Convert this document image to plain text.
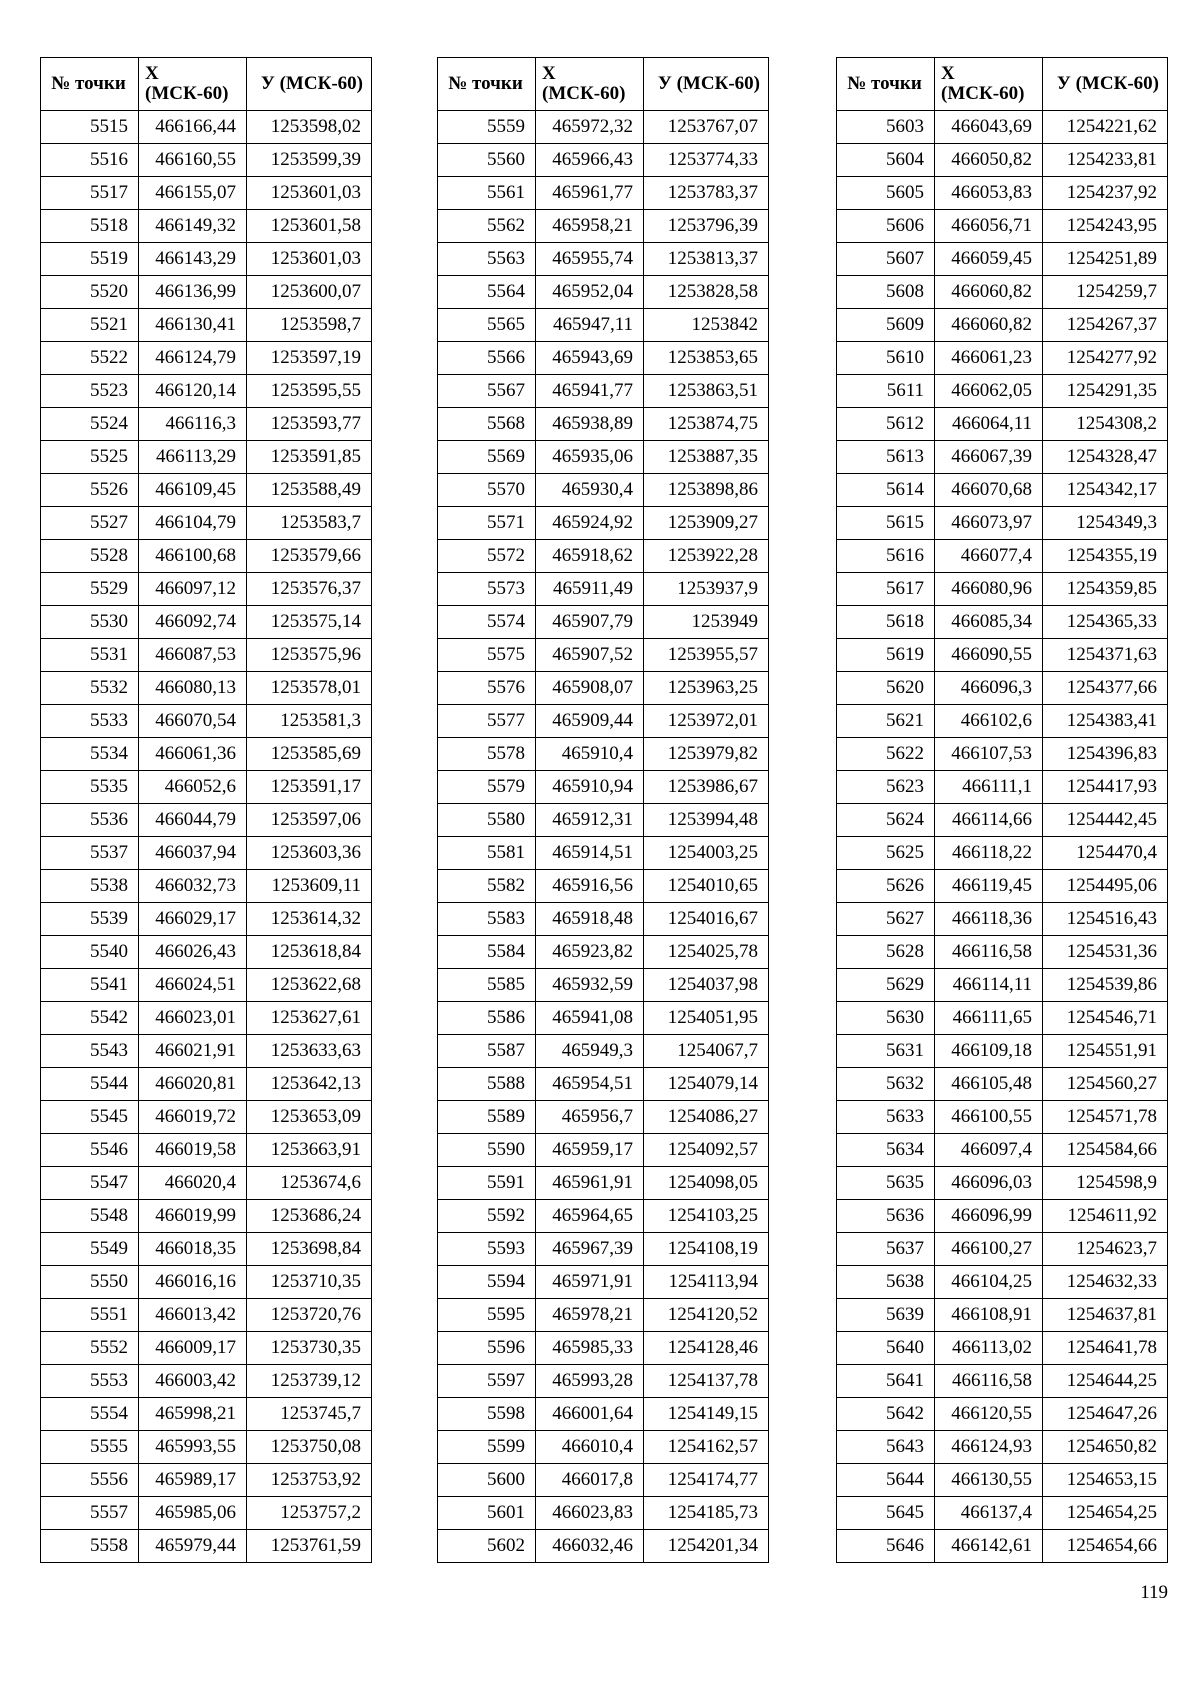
№ точки	Х (МСК-60)	У (МСК-60)
5515	466166,44	1253598,02
5516	466160,55	1253599,39
5517	466155,07	1253601,03
5518	466149,32	1253601,58
5519	466143,29	1253601,03
5520	466136,99	1253600,07
5521	466130,41	1253598,7
5522	466124,79	1253597,19
5523	466120,14	1253595,55
5524	466116,3	1253593,77
5525	466113,29	1253591,85
5526	466109,45	1253588,49
5527	466104,79	1253583,7
5528	466100,68	1253579,66
5529	466097,12	1253576,37
5530	466092,74	1253575,14
5531	466087,53	1253575,96
5532	466080,13	1253578,01
5533	466070,54	1253581,3
5534	466061,36	1253585,69
5535	466052,6	1253591,17
5536	466044,79	1253597,06
5537	466037,94	1253603,36
5538	466032,73	1253609,11
5539	466029,17	1253614,32
5540	466026,43	1253618,84
5541	466024,51	1253622,68
5542	466023,01	1253627,61
5543	466021,91	1253633,63
5544	466020,81	1253642,13
5545	466019,72	1253653,09
5546	466019,58	1253663,91
5547	466020,4	1253674,6
5548	466019,99	1253686,24
5549	466018,35	1253698,84
5550	466016,16	1253710,35
5551	466013,42	1253720,76
5552	466009,17	1253730,35
5553	466003,42	1253739,12
5554	465998,21	1253745,7
5555	465993,55	1253750,08
5556	465989,17	1253753,92
5557	465985,06	1253757,2
5558	465979,44	1253761,59
№ точки	Х (МСК-60)	У (МСК-60)
5559	465972,32	1253767,07
5560	465966,43	1253774,33
5561	465961,77	1253783,37
5562	465958,21	1253796,39
5563	465955,74	1253813,37
5564	465952,04	1253828,58
5565	465947,11	1253842
5566	465943,69	1253853,65
5567	465941,77	1253863,51
5568	465938,89	1253874,75
5569	465935,06	1253887,35
5570	465930,4	1253898,86
5571	465924,92	1253909,27
5572	465918,62	1253922,28
5573	465911,49	1253937,9
5574	465907,79	1253949
5575	465907,52	1253955,57
5576	465908,07	1253963,25
5577	465909,44	1253972,01
5578	465910,4	1253979,82
5579	465910,94	1253986,67
5580	465912,31	1253994,48
5581	465914,51	1254003,25
5582	465916,56	1254010,65
5583	465918,48	1254016,67
5584	465923,82	1254025,78
5585	465932,59	1254037,98
5586	465941,08	1254051,95
5587	465949,3	1254067,7
5588	465954,51	1254079,14
5589	465956,7	1254086,27
5590	465959,17	1254092,57
5591	465961,91	1254098,05
5592	465964,65	1254103,25
5593	465967,39	1254108,19
5594	465971,91	1254113,94
5595	465978,21	1254120,52
5596	465985,33	1254128,46
5597	465993,28	1254137,78
5598	466001,64	1254149,15
5599	466010,4	1254162,57
5600	466017,8	1254174,77
5601	466023,83	1254185,73
5602	466032,46	1254201,34
№ точки	Х (МСК-60)	У (МСК-60)
5603	466043,69	1254221,62
5604	466050,82	1254233,81
5605	466053,83	1254237,92
5606	466056,71	1254243,95
5607	466059,45	1254251,89
5608	466060,82	1254259,7
5609	466060,82	1254267,37
5610	466061,23	1254277,92
5611	466062,05	1254291,35
5612	466064,11	1254308,2
5613	466067,39	1254328,47
5614	466070,68	1254342,17
5615	466073,97	1254349,3
5616	466077,4	1254355,19
5617	466080,96	1254359,85
5618	466085,34	1254365,33
5619	466090,55	1254371,63
5620	466096,3	1254377,66
5621	466102,6	1254383,41
5622	466107,53	1254396,83
5623	466111,1	1254417,93
5624	466114,66	1254442,45
5625	466118,22	1254470,4
5626	466119,45	1254495,06
5627	466118,36	1254516,43
5628	466116,58	1254531,36
5629	466114,11	1254539,86
5630	466111,65	1254546,71
5631	466109,18	1254551,91
5632	466105,48	1254560,27
5633	466100,55	1254571,78
5634	466097,4	1254584,66
5635	466096,03	1254598,9
5636	466096,99	1254611,92
5637	466100,27	1254623,7
5638	466104,25	1254632,33
5639	466108,91	1254637,81
5640	466113,02	1254641,78
5641	466116,58	1254644,25
5642	466120,55	1254647,26
5643	466124,93	1254650,82
5644	466130,55	1254653,15
5645	466137,4	1254654,25
5646	466142,61	1254654,66
119
